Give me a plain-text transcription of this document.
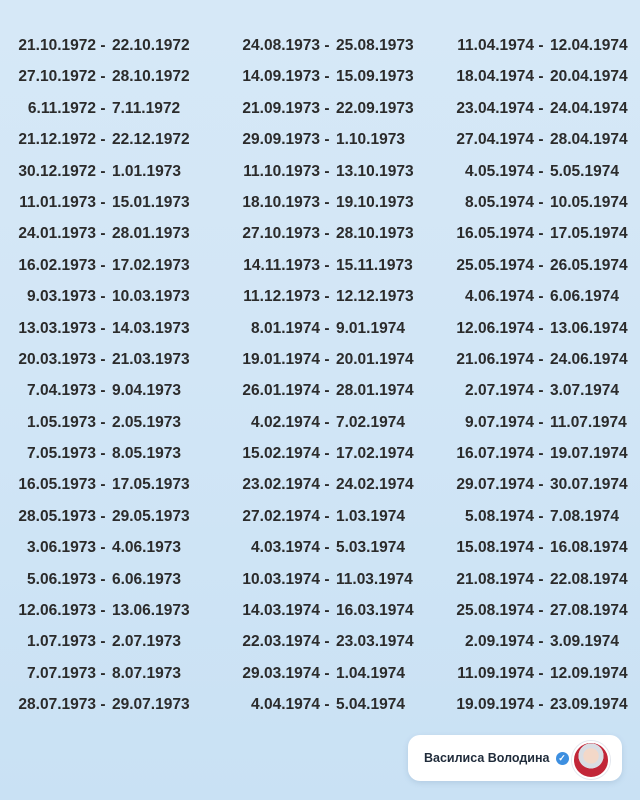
21.10.1972 - 22.10.1972
27.10.1972 - 28.10.1972
6.11.1972 - 7.11.1972
21.12.1972 - 22.12.1972
30.12.1972 - 1.01.1973
11.01.1973 - 15.01.1973
24.01.1973 - 28.01.1973
16.02.1973 - 17.02.1973
9.03.1973 - 10.03.1973
13.03.1973 - 14.03.1973
20.03.1973 - 21.03.1973
7.04.1973 - 9.04.1973
1.05.1973 - 2.05.1973
7.05.1973 - 8.05.1973
16.05.1973 - 17.05.1973
28.05.1973 - 29.05.1973
3.06.1973 - 4.06.1973
5.06.1973 - 6.06.1973
12.06.1973 - 13.06.1973
1.07.1973 - 2.07.1973
7.07.1973 - 8.07.1973
28.07.1973 - 29.07.1973
24.08.1973 - 25.08.1973
14.09.1973 - 15.09.1973
21.09.1973 - 22.09.1973
29.09.1973 - 1.10.1973
11.10.1973 - 13.10.1973
18.10.1973 - 19.10.1973
27.10.1973 - 28.10.1973
14.11.1973 - 15.11.1973
11.12.1973 - 12.12.1973
8.01.1974 - 9.01.1974
19.01.1974 - 20.01.1974
26.01.1974 - 28.01.1974
4.02.1974 - 7.02.1974
15.02.1974 - 17.02.1974
23.02.1974 - 24.02.1974
27.02.1974 - 1.03.1974
4.03.1974 - 5.03.1974
10.03.1974 - 11.03.1974
14.03.1974 - 16.03.1974
22.03.1974 - 23.03.1974
29.03.1974 - 1.04.1974
4.04.1974 - 5.04.1974
11.04.1974 - 12.04.1974
18.04.1974 - 20.04.1974
23.04.1974 - 24.04.1974
27.04.1974 - 28.04.1974
4.05.1974 - 5.05.1974
8.05.1974 - 10.05.1974
16.05.1974 - 17.05.1974
25.05.1974 - 26.05.1974
4.06.1974 - 6.06.1974
12.06.1974 - 13.06.1974
21.06.1974 - 24.06.1974
2.07.1974 - 3.07.1974
9.07.1974 - 11.07.1974
16.07.1974 - 19.07.1974
29.07.1974 - 30.07.1974
5.08.1974 - 7.08.1974
15.08.1974 - 16.08.1974
21.08.1974 - 22.08.1974
25.08.1974 - 27.08.1974
2.09.1974 - 3.09.1974
11.09.1974 - 12.09.1974
19.09.1974 - 23.09.1974
Василиса Володина ✓
